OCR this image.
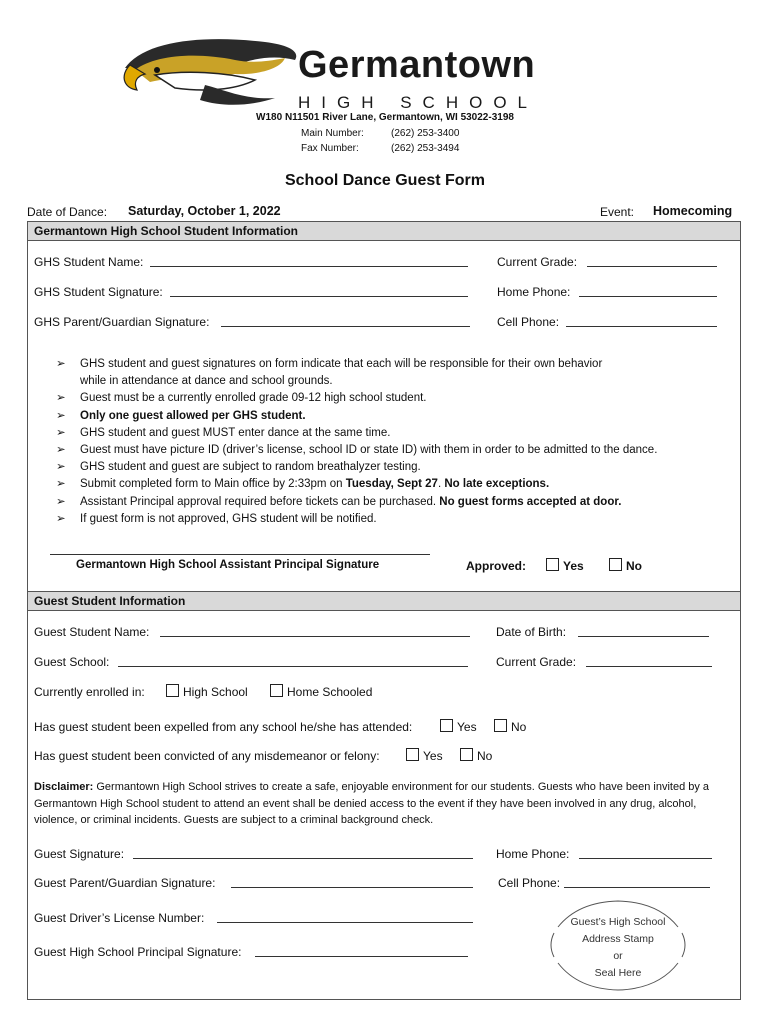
Germantown
HIGH SCHOOL
W180 N11501 River Lane, Germantown, WI 53022-3198
Main Number:	(262) 253-3400
Fax Number:	(262) 253-3494
School Dance Guest Form
Date of Dance: Saturday, October 1, 2022	Event: Homecoming
Germantown High School Student Information
GHS Student Name:	Current Grade:
GHS Student Signature:	Home Phone:
GHS Parent/Guardian Signature:	Cell Phone:
➢ GHS student and guest signatures on form indicate that each will be responsible for their own behavior
while in attendance at dance and school grounds.
➢ Guest must be a currently enrolled grade 09-12 high school student.
➢ Only one guest allowed per GHS student.
➢ GHS student and guest MUST enter dance at the same time.
➢ Guest must have picture ID (driver’s license, school ID or state ID) with them in order to be admitted to the dance.
➢ GHS student and guest are subject to random breathalyzer testing.
➢ Submit completed form to Main office by 2:33pm on Tuesday, Sept 27. No late exceptions.
➢ Assistant Principal approval required before tickets can be purchased. No guest forms accepted at door.
➢ If guest form is not approved, GHS student will be notified.
Germantown High School Assistant Principal Signature	Approved:	Yes	No
Guest Student Information
Guest Student Name:	Date of Birth:
Guest School:	Current Grade:
Currently enrolled in:	High School	Home Schooled
Has guest student been expelled from any school he/she has attended:	Yes	No
Has guest student been convicted of any misdemeanor or felony:	Yes	No
Disclaimer: Germantown High School strives to create a safe, enjoyable environment for our students. Guests who have been invited by a Germantown High School student to attend an event shall be denied access to the event if they have been involved in any drug, alcohol, violence, or criminal incidents. Guests are subject to a criminal background check.
Guest Signature:	Home Phone:
Guest Parent/Guardian Signature:	Cell Phone:
Guest Driver’s License Number:
Guest High School Principal Signature:
Guest’s High School
Address Stamp
or
Seal Here
